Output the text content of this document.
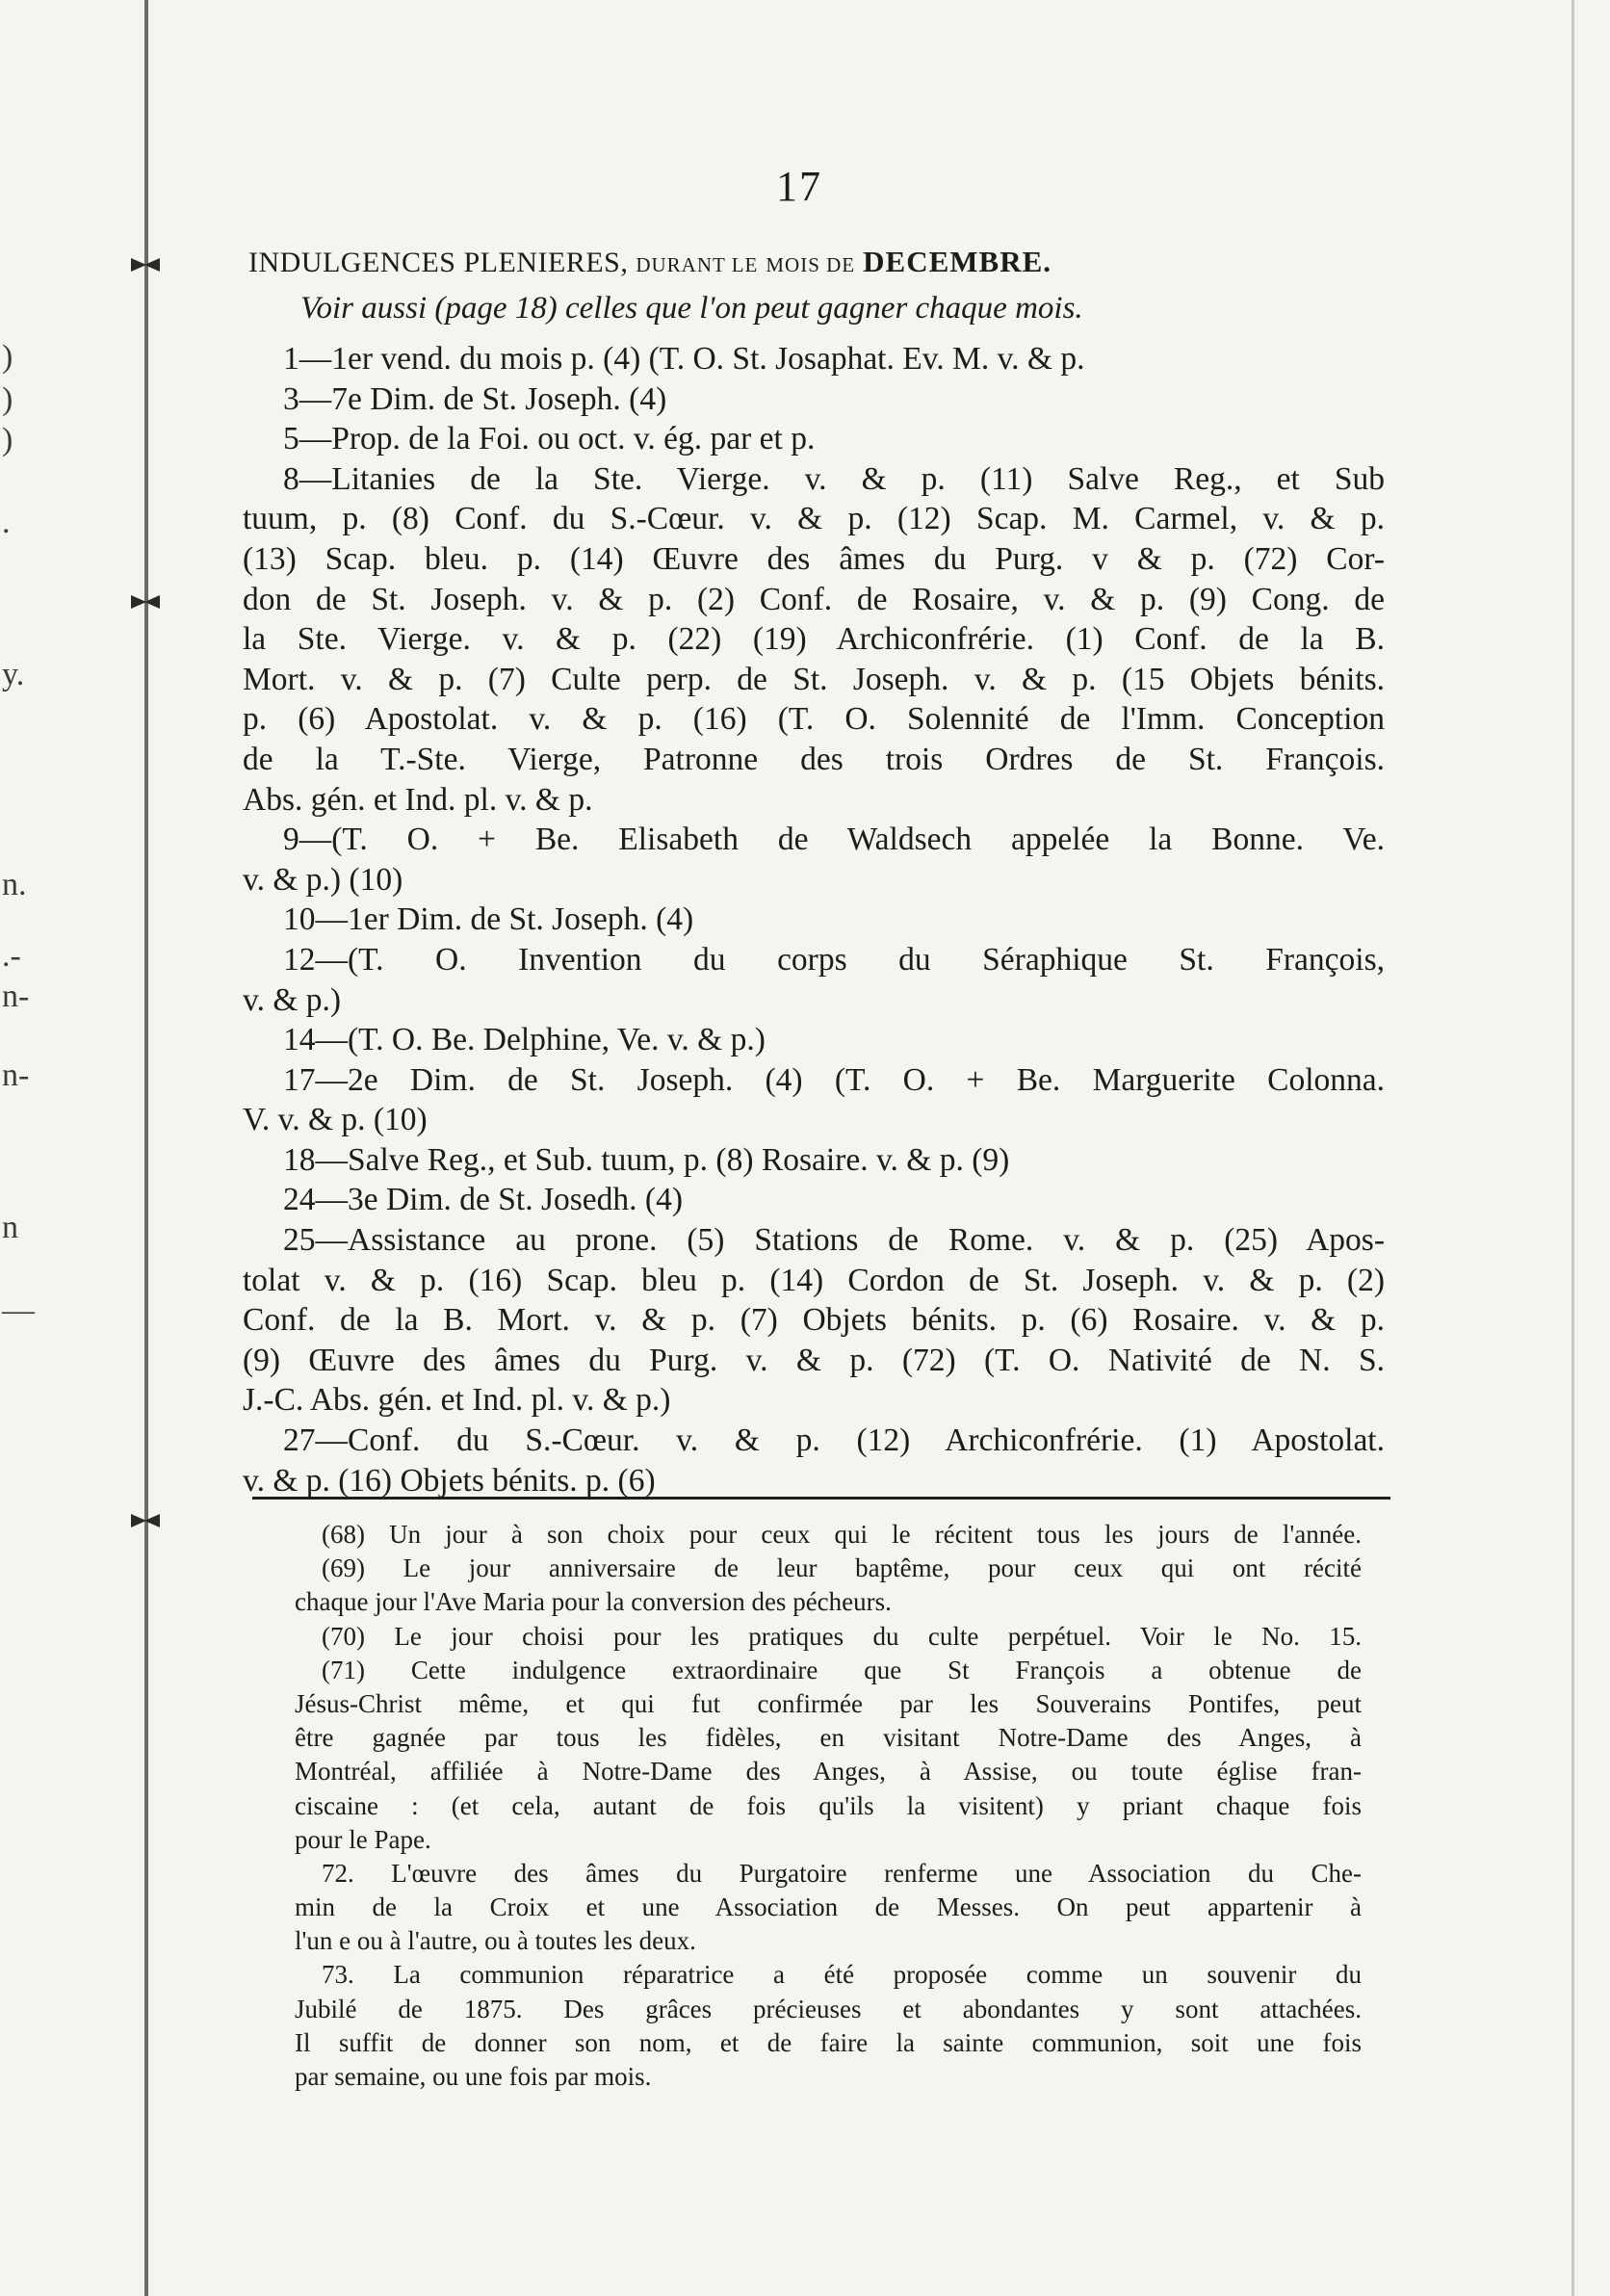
)
)
)
.
y.
n.
.-
n-
n-
n
—
17
INDULGENCES PLENIERES, DURANT LE MOIS DE DECEMBRE.
Voir aussi (page 18) celles que l'on peut gagner chaque mois.
1—1er vend. du mois p. (4) (T. O. St. Josaphat. Ev. M. v. & p.
3—7e Dim. de St. Joseph. (4)
5—Prop. de la Foi. ou oct. v. ég. par et p.
8—Litanies de la Ste. Vierge. v. & p. (11) Salve Reg., et Sub
tuum, p. (8) Conf. du S.-Cœur. v. & p. (12) Scap. M. Carmel, v. & p.
(13) Scap. bleu. p. (14) Œuvre des âmes du Purg. v & p. (72) Cor-
don de St. Joseph. v. & p. (2) Conf. de Rosaire, v. & p. (9) Cong. de
la Ste. Vierge. v. & p. (22) (19) Archiconfrérie. (1) Conf. de la B.
Mort. v. & p. (7) Culte perp. de St. Joseph. v. & p. (15 Objets bénits.
p. (6) Apostolat. v. & p. (16) (T. O. Solennité de l'Imm. Conception
de la T.-Ste. Vierge, Patronne des trois Ordres de St. François.
Abs. gén. et Ind. pl. v. & p.
9—(T. O. + Be. Elisabeth de Waldsech appelée la Bonne. Ve.
v. & p.) (10)
10—1er Dim. de St. Joseph. (4)
12—(T. O. Invention du corps du Séraphique St. François,
v. & p.)
14—(T. O. Be. Delphine, Ve. v. & p.)
17—2e Dim. de St. Joseph. (4) (T. O. + Be. Marguerite Colonna.
V. v. & p. (10)
18—Salve Reg., et Sub. tuum, p. (8) Rosaire. v. & p. (9)
24—3e Dim. de St. Josedh. (4)
25—Assistance au prone. (5) Stations de Rome. v. & p. (25) Apos-
tolat v. & p. (16) Scap. bleu p. (14) Cordon de St. Joseph. v. & p. (2)
Conf. de la B. Mort. v. & p. (7) Objets bénits. p. (6) Rosaire. v. & p.
(9) Œuvre des âmes du Purg. v. & p. (72) (T. O. Nativité de N. S.
J.-C. Abs. gén. et Ind. pl. v. & p.)
27—Conf. du S.-Cœur. v. & p. (12) Archiconfrérie. (1) Apostolat.
v. & p. (16) Objets bénits. p. (6)
(68) Un jour à son choix pour ceux qui le récitent tous les jours de l'année.
(69) Le jour anniversaire de leur baptême, pour ceux qui ont récité
chaque jour l'Ave Maria pour la conversion des pécheurs.
(70) Le jour choisi pour les pratiques du culte perpétuel. Voir le No. 15.
(71) Cette indulgence extraordinaire que St François a obtenue de
Jésus-Christ même, et qui fut confirmée par les Souverains Pontifes, peut
être gagnée par tous les fidèles, en visitant Notre-Dame des Anges, à
Montréal, affiliée à Notre-Dame des Anges, à Assise, ou toute église fran-
ciscaine : (et cela, autant de fois qu'ils la visitent) y priant chaque fois
pour le Pape.
72. L'œuvre des âmes du Purgatoire renferme une Association du Che-
min de la Croix et une Association de Messes. On peut appartenir à
l'un e ou à l'autre, ou à toutes les deux.
73. La communion réparatrice a été proposée comme un souvenir du
Jubilé de 1875. Des grâces précieuses et abondantes y sont attachées.
Il suffit de donner son nom, et de faire la sainte communion, soit une fois
par semaine, ou une fois par mois.
